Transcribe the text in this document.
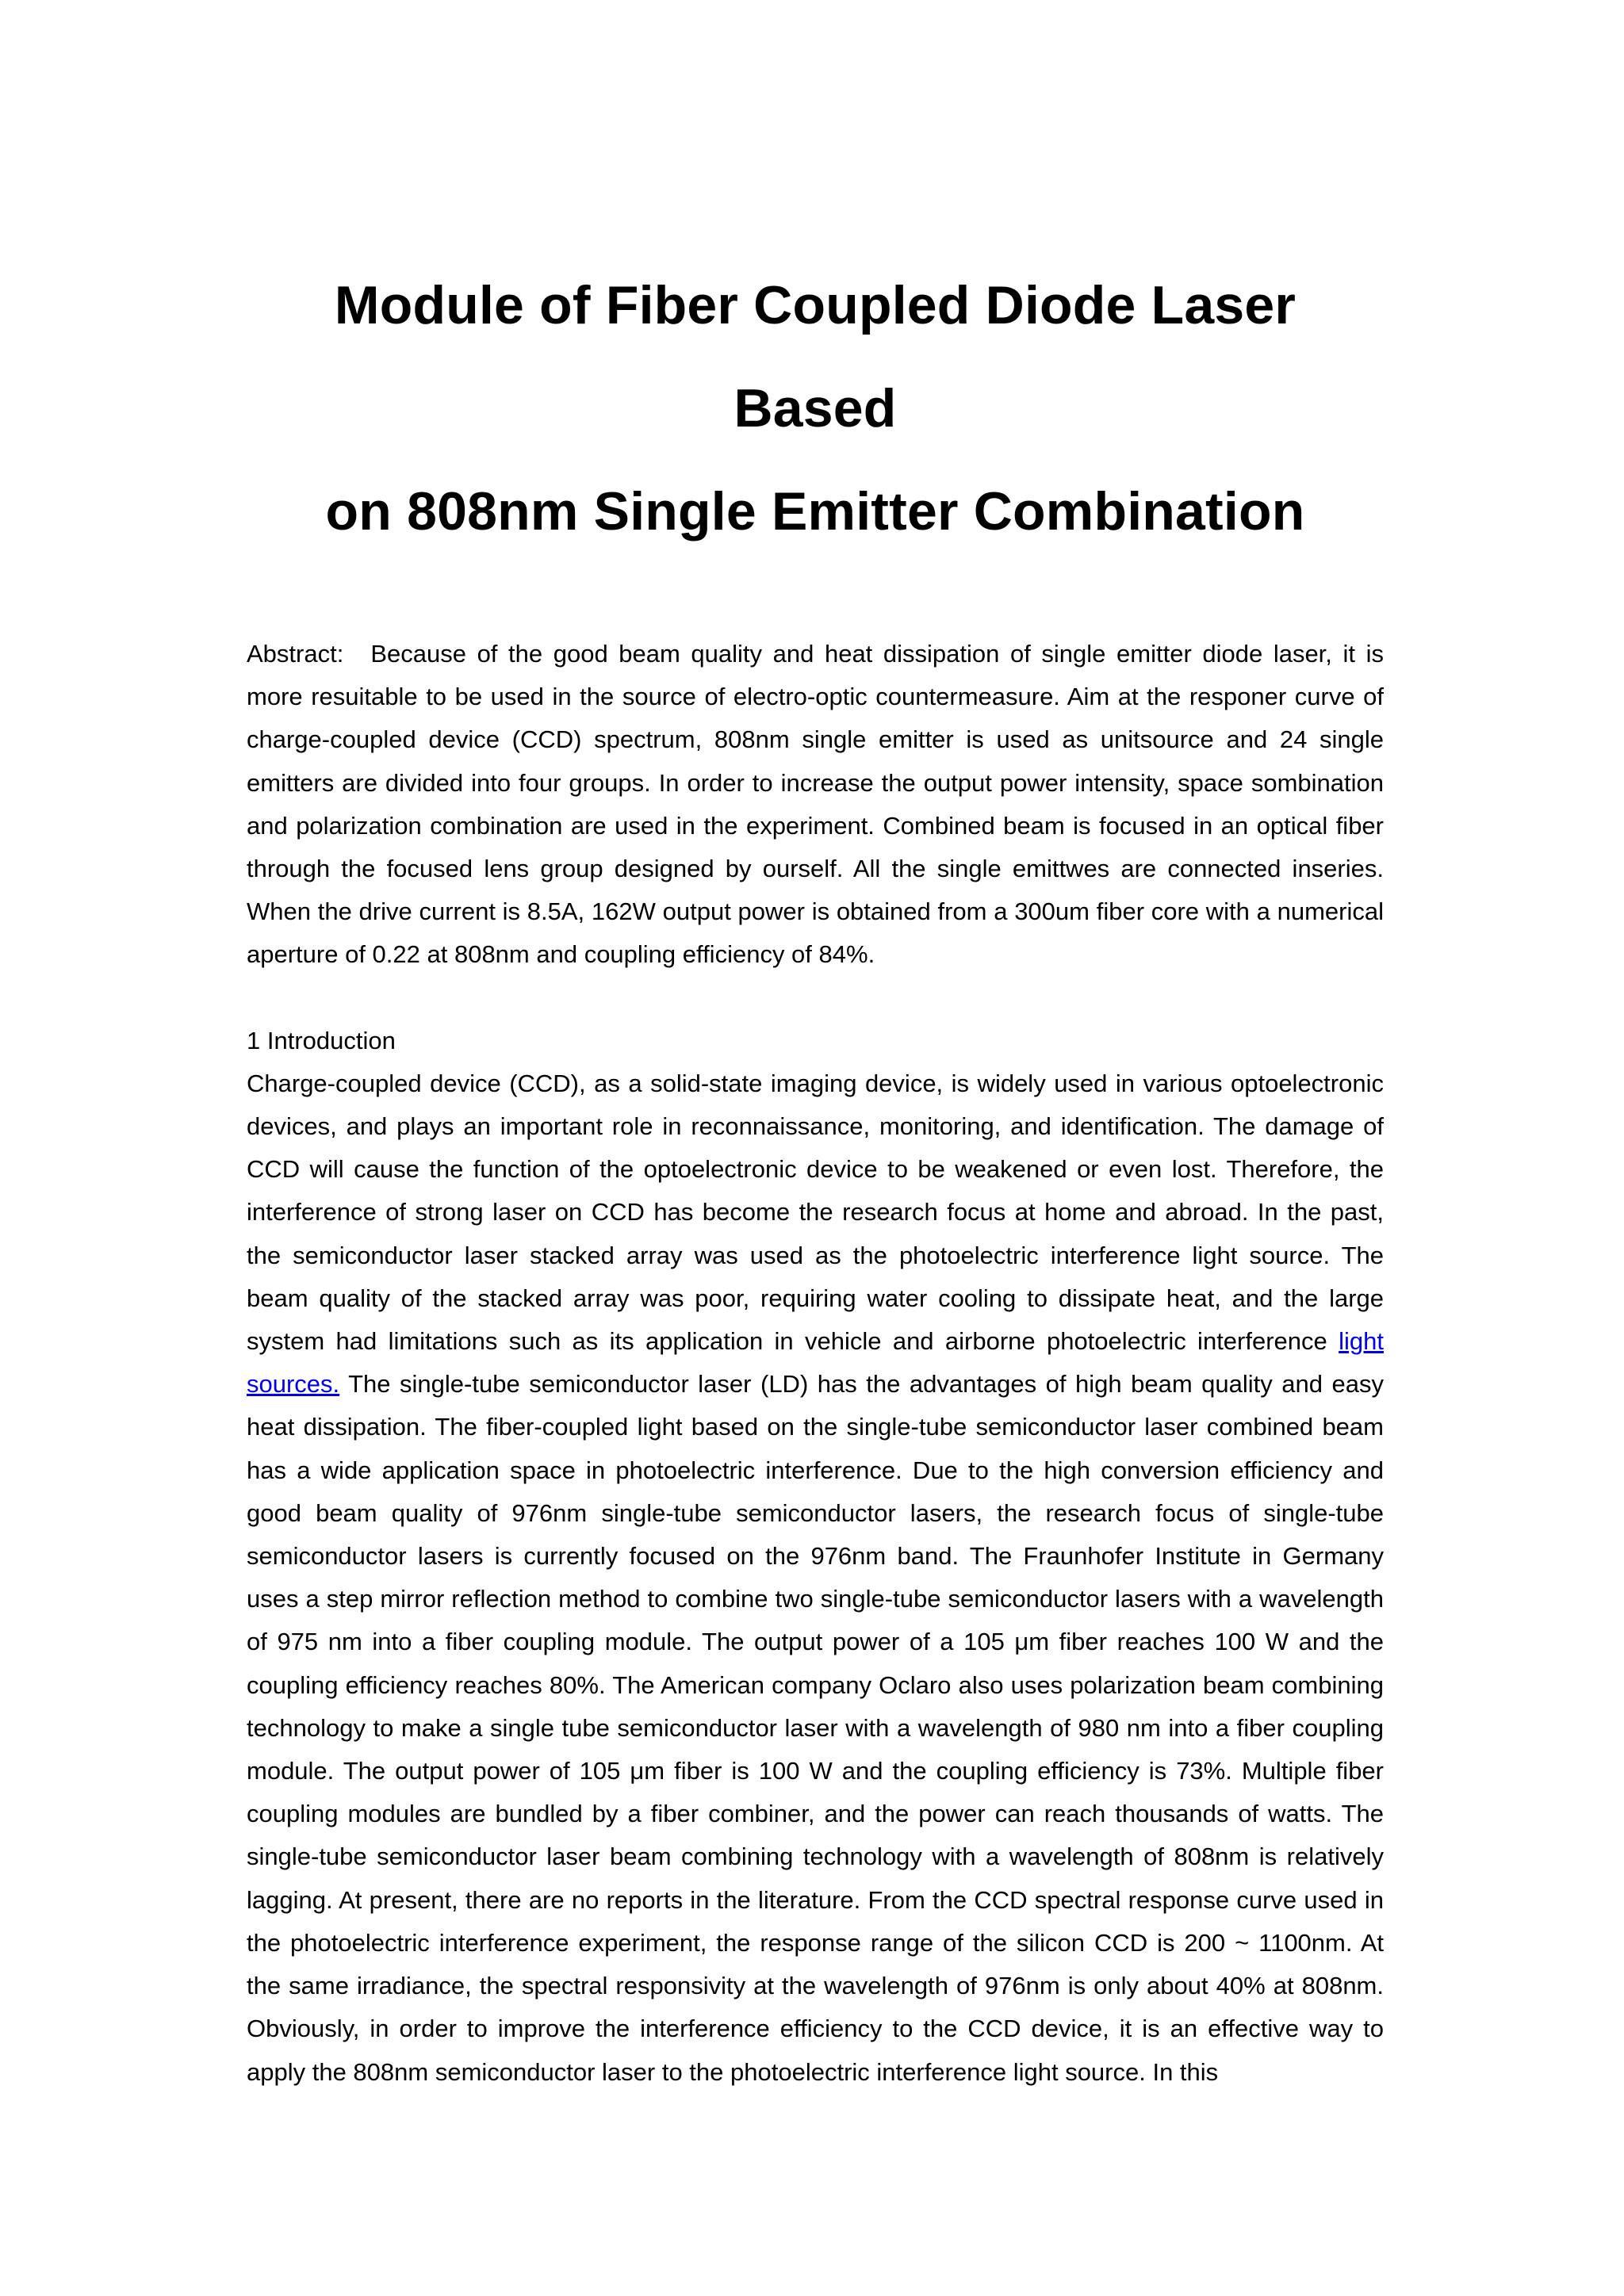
Module of Fiber Coupled Diode Laser Based
on 808nm Single Emitter Combination

Abstract: Because of the good beam quality and heat dissipation of single emitter diode laser, it is more resuitable to be used in the source of electro-optic countermeasure. Aim at the responer curve of charge-coupled device (CCD) spectrum, 808nm single emitter is used as unitsource and 24 single emitters are divided into four groups. In order to increase the output power intensity, space sombination and polarization combination are used in the experiment. Combined beam is focused in an optical fiber through the focused lens group designed by ourself. All the single emittwes are connected inseries. When the drive current is 8.5A, 162W output power is obtained from a 300um fiber core with a numerical aperture of 0.22 at 808nm and coupling efficiency of 84%.

1 Introduction

Charge-coupled device (CCD), as a solid-state imaging device, is widely used in various optoelectronic devices, and plays an important role in reconnaissance, monitoring, and identification. The damage of CCD will cause the function of the optoelectronic device to be weakened or even lost. Therefore, the interference of strong laser on CCD has become the research focus at home and abroad. In the past, the semiconductor laser stacked array was used as the photoelectric interference light source. The beam quality of the stacked array was poor, requiring water cooling to dissipate heat, and the large system had limitations such as its application in vehicle and airborne photoelectric interference light sources. The single-tube semiconductor laser (LD) has the advantages of high beam quality and easy heat dissipation. The fiber-coupled light based on the single-tube semiconductor laser combined beam has a wide application space in photoelectric interference. Due to the high conversion efficiency and good beam quality of 976nm single-tube semiconductor lasers, the research focus of single-tube semiconductor lasers is currently focused on the 976nm band. The Fraunhofer Institute in Germany uses a step mirror reflection method to combine two single-tube semiconductor lasers with a wavelength of 975 nm into a fiber coupling module. The output power of a 105 μm fiber reaches 100 W and the coupling efficiency reaches 80%. The American company Oclaro also uses polarization beam combining technology to make a single tube semiconductor laser with a wavelength of 980 nm into a fiber coupling module. The output power of 105 μm fiber is 100 W and the coupling efficiency is 73%. Multiple fiber coupling modules are bundled by a fiber combiner, and the power can reach thousands of watts. The single-tube semiconductor laser beam combining technology with a wavelength of 808nm is relatively lagging. At present, there are no reports in the literature. From the CCD spectral response curve used in the photoelectric interference experiment, the response range of the silicon CCD is 200 ~ 1100nm. At the same irradiance, the spectral responsivity at the wavelength of 976nm is only about 40% at 808nm. Obviously, in order to improve the interference efficiency to the CCD device, it is an effective way to apply the 808nm semiconductor laser to the photoelectric interference light source. In this
